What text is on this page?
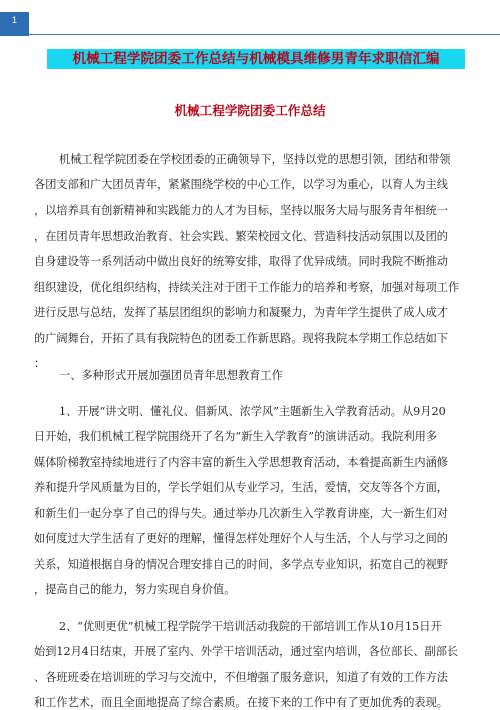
1
机械工程学院团委工作总结与机械模具维修男青年求职信汇编
机械工程学院团委工作总结
机械工程学院团委在学校团委的正确领导下，坚持以党的思想引领，团结和带领
各团支部和广大团员青年，紧紧围绕学校的中心工作，以学习为重心，以育人为主线
，以培养具有创新精神和实践能力的人才为目标，坚持以服务大局与服务青年相统一
，在团员青年思想政治教育、社会实践、繁荣校园文化、营造科技活动氛围以及团的
自身建设等一系列活动中做出良好的统筹安排，取得了优异成绩。同时我院不断推动
组织建设，优化组织结构，持续关注对于团干工作能力的培养和考察，加强对每项工作
进行反思与总结，发挥了基层团组织的影响力和凝聚力，为青年学生提供了成人成才
的广阔舞台，开拓了具有我院特色的团委工作新思路。现将我院本学期工作总结如下
：
一、多种形式开展加强团员青年思想教育工作
1、开展“讲文明、懂礼仪、倡新风、浓学风”主题新生入学教育活动。从9月20
日开始，我们机械工程学院围绕开了名为“新生入学教育”的演讲活动。我院利用多
媒体阶梯教室持续地进行了内容丰富的新生入学思想教育活动，本着提高新生内涵修
养和提升学风质量为目的，学长学姐们从专业学习，生活，爱情，交友等各个方面，
和新生们一起分享了自己的得与失。通过举办几次新生入学教育讲座，大一新生们对
如何度过大学生活有了更好的理解，懂得怎样处理好个人与生活，个人与学习之间的
关系，知道根据自身的情况合理安排自己的时间，多学点专业知识，拓宽自己的视野
，提高自己的能力，努力实现自身价值。
2、“优则更优”机械工程学院学干培训活动我院的干部培训工作从10月15日开
始到12月4日结束，开展了室内、外学干培训活动，通过室内培训，各位部长、副部长
、各班班委在培训班的学习与交流中，不但增强了服务意识，知道了有效的工作方法
和工作艺术，而且全面地提高了综合素质。在接下来的工作中有了更加优秀的表现。
